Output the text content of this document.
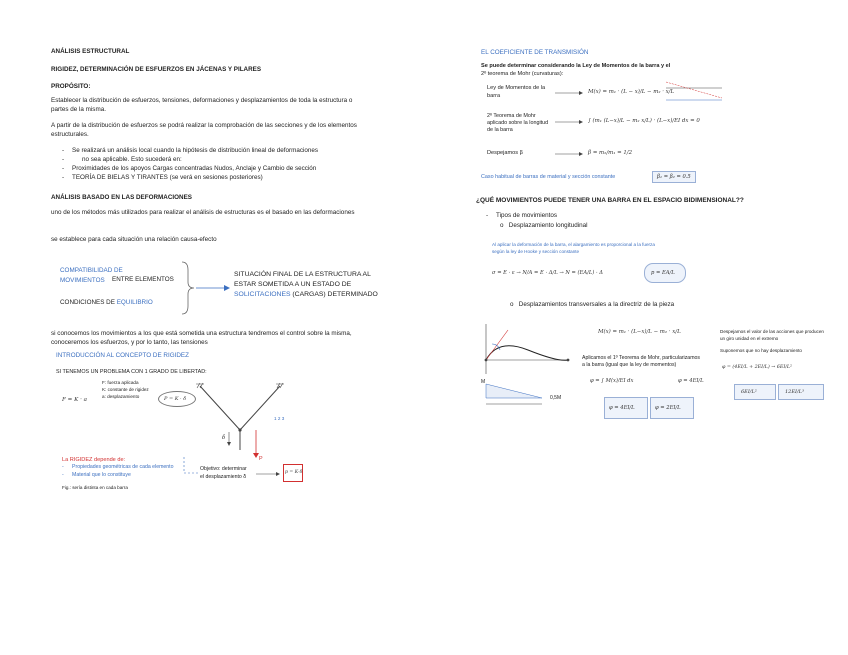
ANÁLISIS ESTRUCTURAL
RIGIDEZ, DETERMINACIÓN DE ESFUERZOS EN JÁCENAS Y PILARES
PROPÓSITO:
Establecer la distribución de esfuerzos, tensiones, deformaciones y desplazamientos de toda la estructura o partes de la misma.
A partir de la distribución de esfuerzos se podrá realizar la comprobación de las secciones y de los elementos estructurales.
- Se realizará un análisis local cuando la hipótesis de distribución lineal de deformaciones
- no sea aplicable. Esto sucederá en:
- Proximidades de los apoyos Cargas concentradas Nudos, Anclaje y Cambio de sección
- TEORÍA DE BIELAS Y TIRANTES (se verá en sesiones posteriores)
ANÁLISIS BASADO EN LAS DEFORMACIONES
uno de los métodos más utilizados para realizar el análisis de estructuras es el basado en las deformaciones
se establece para cada situación una relación causa-efecto
COMPATIBILIDAD DE MOVIMIENTOS	ENTRE ELEMENTOS
CONDICIONES DE EQUILIBRIO
SITUACIÓN FINAL DE LA ESTRUCTURA AL
ESTAR SOMETIDA A UN ESTADO DE
SOLICITACIONES (CARGAS) DETERMINADO
si conocemos los movimientos a los que está sometida una estructura tendremos el control sobre la misma, conoceremos los esfuerzos, y por lo tanto, las tensiones
INTRODUCCIÓN AL CONCEPTO DE RIGIDEZ
SI TENEMOS UN PROBLEMA CON 1 GRADO DE LIBERTAD:
F = K · a
F: fuerza aplicada
K: constante de rigidez
a: desplazamiento	P = K · δ
1 2 3
P
δ
La RIGIDEZ depende de:
- Propiedades geométricas de cada elemento
- Material que lo constituye
Fig.: sería distinta en cada barra
Objetivo: determinar
el desplazamiento δ
p = K·δ
EL COEFICIENTE DE TRANSMISIÓN
Se puede determinar considerando la Ley de Momentos de la barra y el
2º teorema de Mohr (curvaturas):
Ley de Momentos de la barra
M(x) = m₁ · (L − x)/L − m₂ · x/L
2º Teorema de Mohr aplicado sobre la longitud de la barra
∫ (m₁ (L−x)/L − m₂ x/L) · (L−x)/EI dx = 0
Despejamos β	β = m₂/m₁ = 1/2
Caso habitual de barras de material y sección constante	β₁ = β₂ = 0.5
¿QUÉ MOVIMIENTOS PUEDE TENER UNA BARRA EN EL ESPACIO BIDIMENSIONAL??
- Tipos de movimientos
o   Desplazamiento longitudinal
Al aplicar la deformación de la barra, el alargamiento es proporcional a la fuerza
según la ley de Hooke y sección constante
σ = E · ε → N/A = E · Δ/L → N = (EA/L) · Δ	p = EA/L
o   Desplazamientos transversales a la directriz de la pieza
M
0,5M
M(x) = m₁ · (L−x)/L − m₂ · x/L
Aplicamos el 1º Teorema de Mohr, particularizamos
a la barra (igual que la ley de momentos)
φ = ∫ M(x)/EI dx	φ = 4EI/L
φ = 4EI/L	φ = 2EI/L
Despejamos el valor de las acciones que producen
un giro unidad en el extremo
Suponemos que no hay desplazamiento
φ = (4EI/L + 2EI/L) → 6EI/L²
6EI/L²	12EI/L³
